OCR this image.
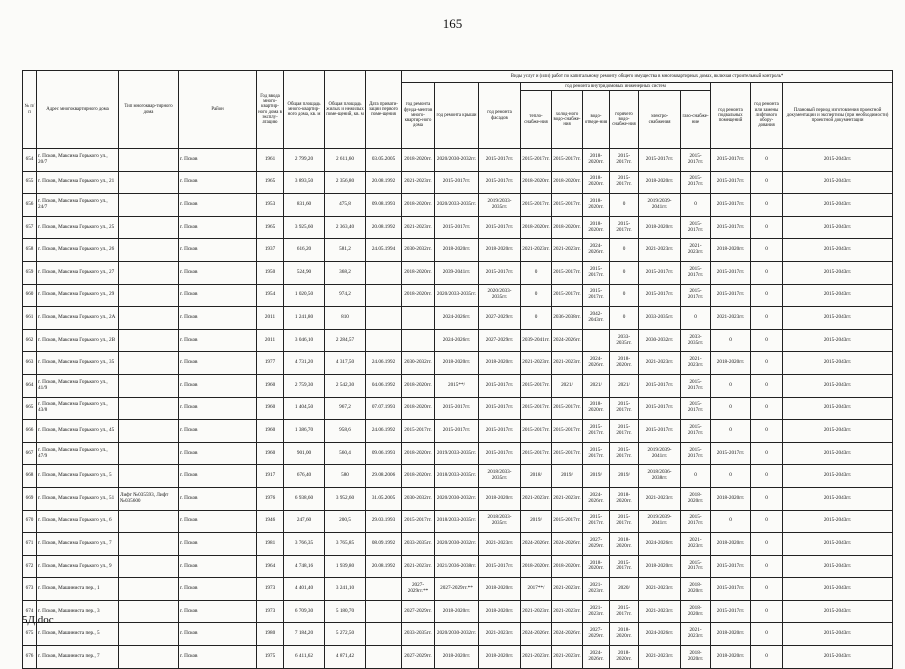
165
№ п/п	Адрес многоквартирного дома	Тип многоквар-тирного дома	Район	Год ввода много-квартир-ного дома в эксплу-атацию	Общая площадь много-квартир-ного дома, кв. м	Общая площадь жилых и нежилых поме-щений, кв. м	Дата привати-зации первого поме-щения	Виды услуг и (или) работ по капитальному ремонту общего имущества в многоквартирных домах, включая строительный контроль*											
								год ремонта фунда-ментов много-квартир-ного дома	год ремонта крыши	год ремонта фасадов	год ремонта внутридомовых инженерных систем						год ремонта подвальных помещений	год ремонта или замены лифтового обору-дования	Плановый период изготовления проектной документации и экспертизы (при необходимости) проектной документации
											тепло-снабже-ния	холод-ного водо-снабже-ния	водо-отведе-ния	горячего водо-снабже-ния	электро-снабжения	газо-снабже-ние			
654	г. Псков, Максима Горького ул., 20/7		г. Псков	1961	2 799,20	2 611,60	03.05.2005	2018-2020гг.	2020/2030-2032гг.	2015-2017гг.	2015-2017гг.	2015-2017гг.	2018-2020гг.	2015-2017гг.	2015-2017гг.	2015-2017гг.	2015-2017гг.	0	2015-2043гг.
655	г. Псков, Максима Горького ул., 21		г. Псков	1965	3 893,50	2 356,80	20.08.1992	2021-2023гг.	2015-2017гг.	2015-2017гг.	2018-2020гг.	2018-2020гг.	2018-2020гг.	2015-2017гг.	2018-2020гг.	2015-2017гг.	2015-2017гг.	0	2015-2043гг.
656	г. Псков, Максима Горького ул., 24/7		г. Псков	1953	831,60	475,8	09.08.1993	2018-2020гг.	2020/2033-2035гг.	2019/2033-2035гг.	2015-2017гг.	2015-2017гг.	2018-2020гг.	0	2019/2039-2041гг.	0	2015-2017гг.	0	2015-2043гг.
657	г. Псков, Максима Горького ул., 25		г. Псков	1965	3 925,60	2 363,40	20.08.1992	2021-2023гг.	2015-2017гг.	2015-2017гг.	2018-2020гг.	2018-2020гг.	2018-2020гг.	2015-2017гг.	2018-2020гг.	2015-2017гг.	2015-2017гг.	0	2015-2043гг.
658	г. Псков, Максима Горького ул., 26		г. Псков	1937	616,20	581,2	24.05.1994	2030-2032гг.	2018-2020гг.	2018-2020гг.	2021-2023гг.	2021-2023гг.	2024-2026гг.	0	2021-2023гг.	2021-2023гг.	2018-2020гг.	0	2015-2043гг.
659	г. Псков, Максима Горького ул., 27		г. Псков	1950	524,90	368,2		2018-2020гг.	2039-2041гг.	2015-2017гг.	0	2015-2017гг.	2015-2017гг.	0	2015-2017гг.	2015-2017гг.	2015-2017гг.	0	2015-2043гг.
660	г. Псков, Максима Горького ул., 29		г. Псков	1954	1 020,50	974,2		2018-2020гг.	2020/2033-2035гг.	2020/2033-2035гг.	0	2015-2017гг.	2015-2017гг.	0	2015-2017гг.	2015-2017гг.	2015-2017гг.	0	2015-2043гг.
661	г. Псков, Максима Горького ул., 2А		г. Псков	2011	1 241,80	810			2024-2026гг.	2027-2029гг.	0	2036-2038гг.	2042-2043гг.	0	2033-2035гг.	0	2021-2023гг.	0	2015-2043гг.
662	г. Псков, Максима Горького ул., 2В		г. Псков	2011	3 046,10	2 284,57			2024-2026гг.	2027-2029гг.	2039-2041гг.	2024-2026гг.		2033-2035гг.	2030-2032гг.	2033-2035гг.	0	0	2015-2043гг.
663	г. Псков, Максима Горького ул., 35		г. Псков	1977	4 731,20	4 317,50	24.06.1992	2030-2032гг.	2018-2020гг.	2018-2020гг.	2021-2023гг.	2021-2023гг.	2024-2026гг.	2018-2020гг.	2021-2023гг.	2021-2023гг.	2018-2020гг.	0	2015-2043гг.
664	г. Псков, Максима Горького ул., 41/9		г. Псков	1960	2 759,30	2 542,30	04.06.1992	2018-2020гг.	2015**/	2015-2017гг.	2015-2017гг.	2021/	2021/	2021/	2015-2017гг.	2015-2017гг.	0	0	2015-2043гг.
665	г. Псков, Максима Горького ул., 43/8		г. Псков	1960	1 404,50	967,2	07.07.1993	2018-2020гг.	2015-2017гг.	2015-2017гг.	2015-2017гг.	2015-2017гг.	2018-2020гг.	2015-2017гг.	2015-2017гг.	2015-2017гг.	0	0	2015-2043гг.
666	г. Псков, Максима Горького ул., 45		г. Псков	1960	1 386,70	958,6	24.06.1992	2015-2017гг.	2015-2017гг.	2015-2017гг.	2015-2017гг.	2015-2017гг.	2015-2017гг.	2015-2017гг.	2015-2017гг.	2015-2017гг.	0	0	2015-2043гг.
667	г. Псков, Максима Горького ул., 47/9		г. Псков	1960	901,00	560,4	09.06.1993	2018-2020гг.	2019/2033-2035гг.	2015-2017гг.	2015-2017гг.	2015-2017гг.	2015-2017гг.	2015-2017гг.	2019/2039-2041гг.	2015-2017гг.	2015-2017гг.	0	2015-2043гг.
668	г. Псков, Максима Горького ул., 5		г. Псков	1917	676,40	580	29.08.2006	2018-2020гг.	2018/2033-2035гг.	2018/2033-2035гг.	2018/	2019/	2019/	2019/	2018/2036-2038гг.	0	0	0	2015-2043гг.
669	г. Псков, Максима Горького ул., 51	Лифт №035593, Лифт №035600	г. Псков	1976	6 938,60	3 952,60	31.05.2005	2030-2032гг.	2020/2030-2032гг.	2018-2020гг.	2021-2023гг.	2021-2023гг.	2024-2026гг.	2018-2020гг.	2021-2023гг.	2018-2020гг.	2018-2020гг.	0	2015-2043гг.
670	г. Псков, Максима Горького ул., 6		г. Псков	1946	247,60	200,5	29.03.1993	2015-2017гг.	2018/2033-2035гг.	2018/2033-2035гг.	2019/	2015-2017гг.	2015-2017гг.	2015-2017гг.	2019/2039-2041гг.	2015-2017гг.	0	0	2015-2043гг.
671	г. Псков, Максима Горького ул., 7		г. Псков	1981	3 766,35	3 765,85	08.09.1992	2033-2035гг.	2020/2030-2032гг.	2021-2023гг.	2024-2026гг.	2024-2026гг.	2027-2029гг.	2018-2020гг.	2024-2026гг.	2021-2023гг.	2018-2020гг.	0	2015-2043гг.
672	г. Псков, Максима Горького ул., 9		г. Псков	1964	4 748,16	1 939,80	20.08.1992	2021-2023гг.	2021/2036-2038гг.	2015-2017гг.	2018-2020гг.	2018-2020гг.	2018-2020гг.	2015-2017гг.	2018-2020гг.	2015-2017гг.	2015-2017гг.	0	2015-2043гг.
673	г. Псков, Машинистa пер., 1		г. Псков	1973	4 401,40	3 241,10		2027-2029гг.**	2027-2029гг.**	2018-2020гг.	2017**/	2021-2023гг.	2021-2023гг.	2020/	2021-2023гг.	2018-2020гг.	2015-2017гг.	0	2015-2043гг.
674	г. Псков, Машинистa пер., 3		г. Псков	1973	6 709,30	5 180,70		2027-2029гг.	2018-2020гг.	2018-2020гг.	2021-2023гг.	2021-2023гг.	2021-2023гг.	2015-2017гг.	2021-2023гг.	2018-2020гг.	2015-2017гг.	0	2015-2043гг.
675	г. Псков, Машинистa пер., 5		г. Псков	1980	7 184,20	5 272,50		2033-2035гг.	2020/2030-2032гг.	2021-2023гг.	2024-2026гг.	2024-2026гг.	2027-2029гг.	2018-2020гг.	2024-2026гг.	2021-2023гг.	2018-2020гг.	0	2015-2043гг.
676	г. Псков, Машинистa пер., 7		г. Псков	1975	6 411,62	4 871,42		2027-2029гг.	2018-2020гг.	2018-2020гг.	2021-2023гг.	2021-2023гг.	2024-2026гг.	2018-2020гг.	2021-2023гг.	2018-2020гг.	2018-2020гг.	0	2015-2043гг.
5Д.doc
